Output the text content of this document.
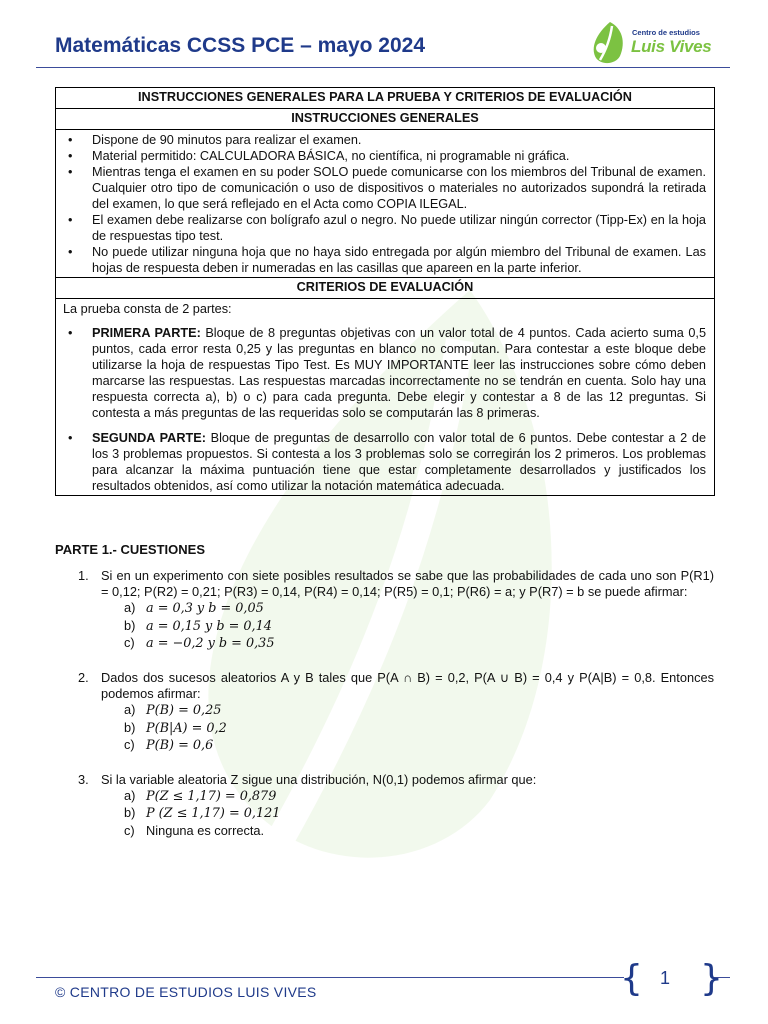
Matemáticas CCSS PCE – mayo 2024
Centro de estudios
Luis Vives
INSTRUCCIONES GENERALES PARA LA PRUEBA Y CRITERIOS DE EVALUACIÓN
INSTRUCCIONES GENERALES
• Dispone de 90 minutos para realizar el examen.
• Material permitido: CALCULADORA BÁSICA, no científica, ni programable ni gráfica.
• Mientras tenga el examen en su poder SOLO puede comunicarse con los miembros del Tribunal de examen. Cualquier otro tipo de comunicación o uso de dispositivos o materiales no autorizados supondrá la retirada del examen, lo que será reflejado en el Acta como COPIA ILEGAL.
• El examen debe realizarse con bolígrafo azul o negro. No puede utilizar ningún corrector (Tipp-Ex) en la hoja de respuestas tipo test.
• No puede utilizar ninguna hoja que no haya sido entregada por algún miembro del Tribunal de examen. Las hojas de respuesta deben ir numeradas en las casillas que apareen en la parte inferior.
CRITERIOS DE EVALUACIÓN
La prueba consta de 2 partes:
• PRIMERA PARTE: Bloque de 8 preguntas objetivas con un valor total de 4 puntos. Cada acierto suma 0,5 puntos, cada error resta 0,25 y las preguntas en blanco no computan. Para contestar a este bloque debe utilizarse la hoja de respuestas Tipo Test. Es MUY IMPORTANTE leer las instrucciones sobre cómo deben marcarse las respuestas. Las respuestas marcadas incorrectamente no se tendrán en cuenta. Solo hay una respuesta correcta a), b) o c) para cada pregunta. Debe elegir y contestar a 8 de las 12 preguntas. Si contesta a más preguntas de las requeridas solo se computarán las 8 primeras.
• SEGUNDA PARTE: Bloque de preguntas de desarrollo con valor total de 6 puntos. Debe contestar a 2 de los 3 problemas propuestos. Si contesta a los 3 problemas solo se corregirán los 2 primeros. Los problemas para alcanzar la máxima puntuación tiene que estar completamente desarrollados y justificados los resultados obtenidos, así como utilizar la notación matemática adecuada.
PARTE 1.- CUESTIONES
1. Si en un experimento con siete posibles resultados se sabe que las probabilidades de cada uno son P(R1) = 0,12; P(R2) = 0,21; P(R3) = 0,14, P(R4) = 0,14; P(R5) = 0,1; P(R6) = a; y P(R7) = b se puede afirmar:
a) a = 0,3 y b = 0,05
b) a = 0,15 y b = 0,14
c) a = −0,2 y b = 0,35
2. Dados dos sucesos aleatorios A y B tales que P(A ∩ B) = 0,2, P(A ∪ B) = 0,4 y P(A|B) = 0,8. Entonces podemos afirmar:
a) P(B) = 0,25
b) P(B|A) = 0,2
c) P(B) = 0,6
3. Si la variable aleatoria Z sigue una distribución, N(0,1) podemos afirmar que:
a) P(Z ≤ 1,17) = 0,879
b) P (Z ≤ 1,17) = 0,121
c) Ninguna es correcta.
© CENTRO DE ESTUDIOS LUIS VIVES	{ 1 }
